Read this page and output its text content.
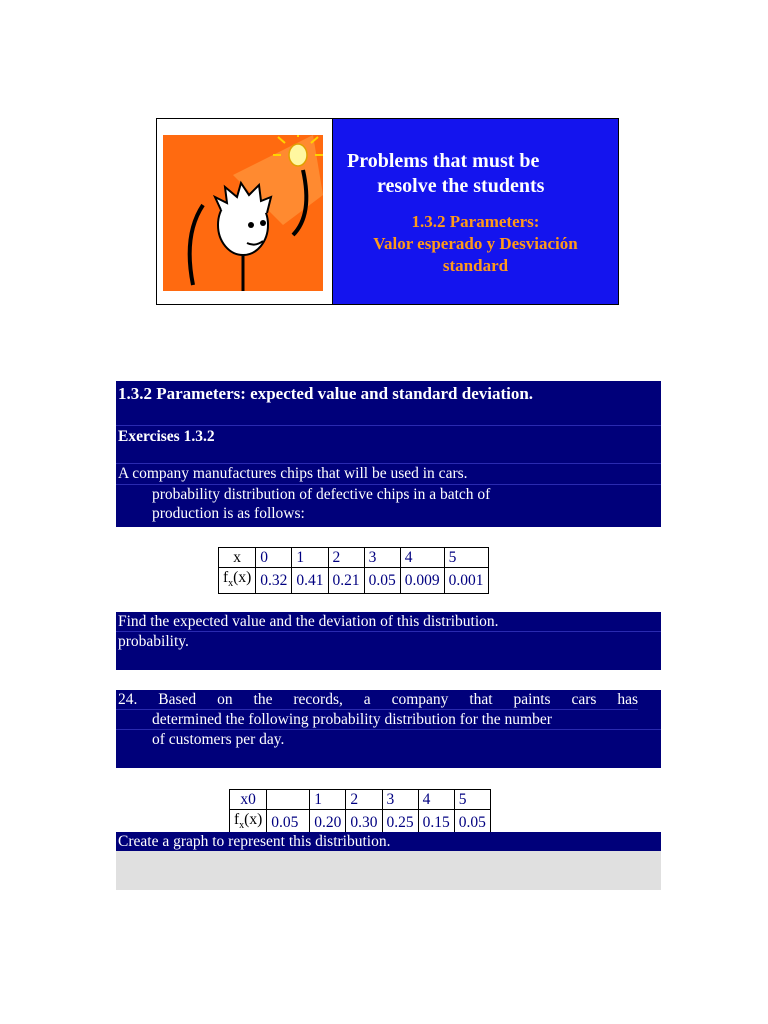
Problems that must be
resolve the students
1.3.2 Parameters:
Valor esperado y Desviación
standard
1.3.2 Parameters: expected value and standard deviation.
Exercises 1.3.2
A company manufactures chips that will be used in cars.
probability distribution of defective chips in a batch of
production is as follows:
x	0	1	2	3	4	5
$f_x(x)$	0.32	0.41	0.21	0.05	0.009	0.001
Find the expected value and the deviation of this distribution.
probability.
24. Based on the records, a company that paints cars has
determined the following probability distribution for the number
of customers per day.
x0		1	2	3	4	5
$f_x(x)$	0.05	0.20	0.30	0.25	0.15	0.05
Create a graph to represent this distribution.
